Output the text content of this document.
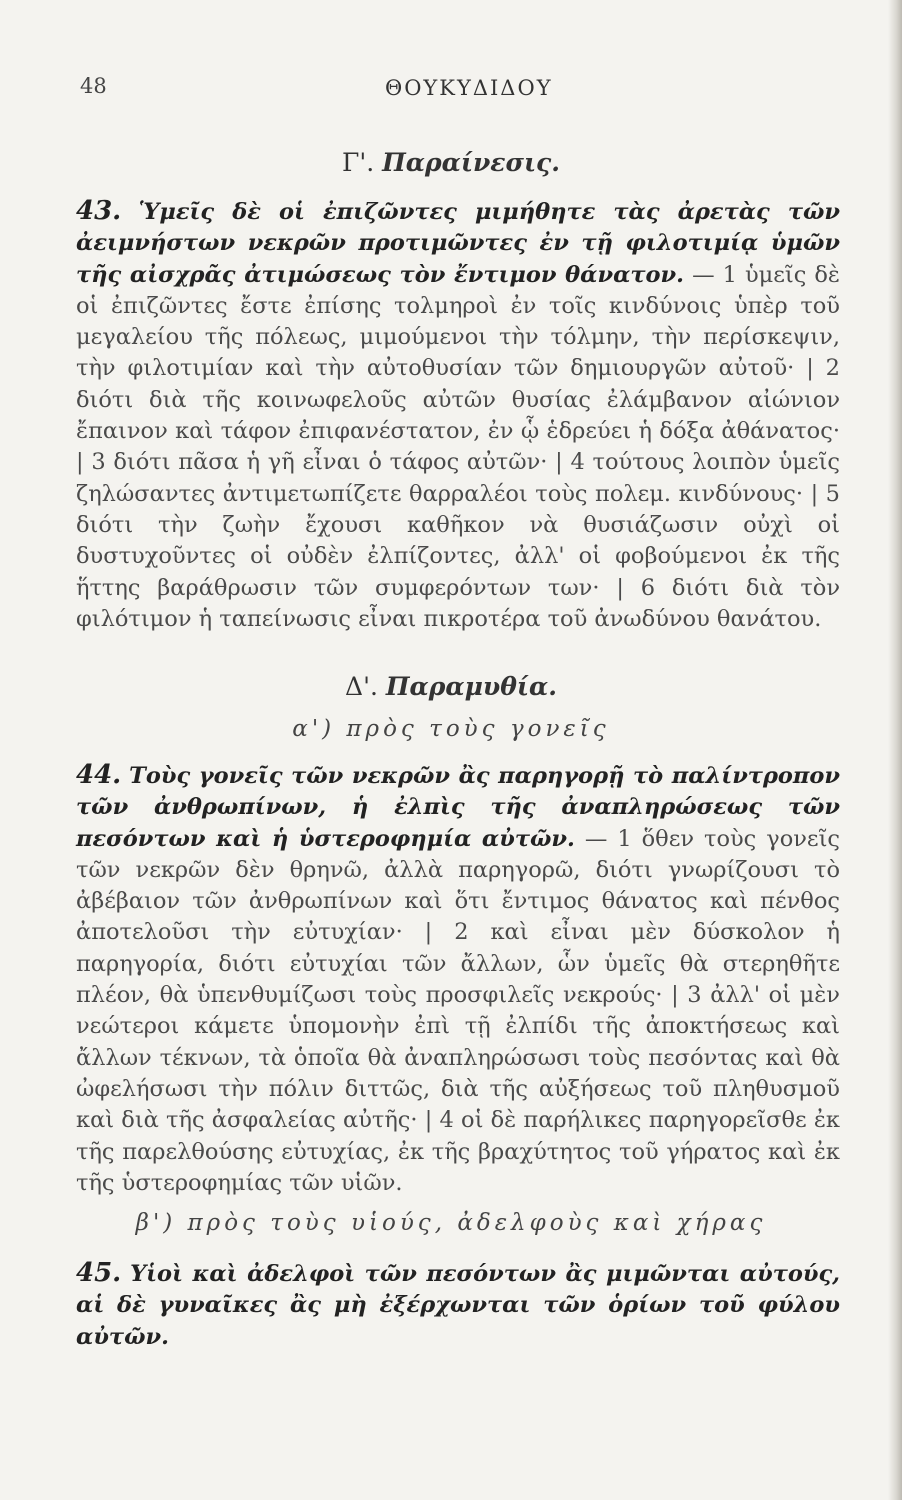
48	ΘΟΥΚΥΔΙΔΟΥ
Γ'. Παραίνεσις.
43. Ὑμεῖς δὲ οἱ ἐπιζῶντες μιμήθητε τὰς ἀρετὰς τῶν ἀειμνήστων νεκρῶν προτιμῶντες ἐν τῇ φιλοτιμίᾳ ὑμῶν τῆς αἰσχρᾶς ἀτιμώσεως τὸν ἔντιμον θάνατον. — 1 ὑμεῖς δὲ οἱ ἐπιζῶντες ἔστε ἐπίσης τολμηροὶ ἐν τοῖς κινδύνοις ὑπὲρ τοῦ μεγαλείου τῆς πόλεως, μιμούμενοι τὴν τόλμην, τὴν περίσκεψιν, τὴν φιλοτιμίαν καὶ τὴν αὐτοθυσίαν τῶν δημιουργῶν αὐτοῦ· | 2 διότι διὰ τῆς κοινωφελοῦς αὐτῶν θυσίας ἐλάμβανον αἰώνιον ἔπαινον καὶ τάφον ἐπιφανέστατον, ἐν ᾧ ἑδρεύει ἡ δόξα ἀθάνατος· | 3 διότι πᾶσα ἡ γῆ εἶναι ὁ τάφος αὐτῶν· | 4 τούτους λοιπὸν ὑμεῖς ζηλώσαντες ἀντιμετωπίζετε θαρραλέοι τοὺς πολεμ. κινδύνους· | 5 διότι τὴν ζωὴν ἔχουσι καθῆκον νὰ θυσιάζωσιν οὐχὶ οἱ δυστυχοῦντες οἱ οὐδὲν ἐλπίζοντες, ἀλλ' οἱ φοβούμενοι ἐκ τῆς ἥττης βαράθρωσιν τῶν συμφερόντων των· | 6 διότι διὰ τὸν φιλότιμον ἡ ταπείνωσις εἶναι πικροτέρα τοῦ ἀνωδύνου θανάτου.
Δ'. Παραμυθία.
α') πρὸς τοὺς γονεῖς
44. Τοὺς γονεῖς τῶν νεκρῶν ἂς παρηγορῇ τὸ παλίντροπον τῶν ἀνθρωπίνων, ἡ ἐλπὶς τῆς ἀναπληρώσεως τῶν πεσόντων καὶ ἡ ὑστεροφημία αὐτῶν. — 1 ὅθεν τοὺς γονεῖς τῶν νεκρῶν δὲν θρηνῶ, ἀλλὰ παρηγορῶ, διότι γνωρίζουσι τὸ ἀβέβαιον τῶν ἀνθρωπίνων καὶ ὅτι ἔντιμος θάνατος καὶ πένθος ἀποτελοῦσι τὴν εὐτυχίαν· | 2 καὶ εἶναι μὲν δύσκολον ἡ παρηγορία, διότι εὐτυχίαι τῶν ἄλλων, ὧν ὑμεῖς θὰ στερηθῆτε πλέον, θὰ ὑπενθυμίζωσι τοὺς προσφιλεῖς νεκρούς· | 3 ἀλλ' οἱ μὲν νεώτεροι κάμετε ὑπομονὴν ἐπὶ τῇ ἐλπίδι τῆς ἀποκτήσεως καὶ ἄλλων τέκνων, τὰ ὁποῖα θὰ ἀναπληρώσωσι τοὺς πεσόντας καὶ θὰ ὠφελήσωσι τὴν πόλιν διττῶς, διὰ τῆς αὐξήσεως τοῦ πληθυσμοῦ καὶ διὰ τῆς ἀσφαλείας αὐτῆς· | 4 οἱ δὲ παρήλικες παρηγορεῖσθε ἐκ τῆς παρελθούσης εὐτυχίας, ἐκ τῆς βραχύτητος τοῦ γήρατος καὶ ἐκ τῆς ὑστεροφημίας τῶν υἱῶν.
β') πρὸς τοὺς υἱούς, ἀδελφοὺς καὶ χήρας
45. Υἱοὶ καὶ ἀδελφοὶ τῶν πεσόντων ἂς μιμῶνται αὐτούς, αἱ δὲ γυναῖκες ἂς μὴ ἐξέρχωνται τῶν ὁρίων τοῦ φύλου αὐτῶν.
